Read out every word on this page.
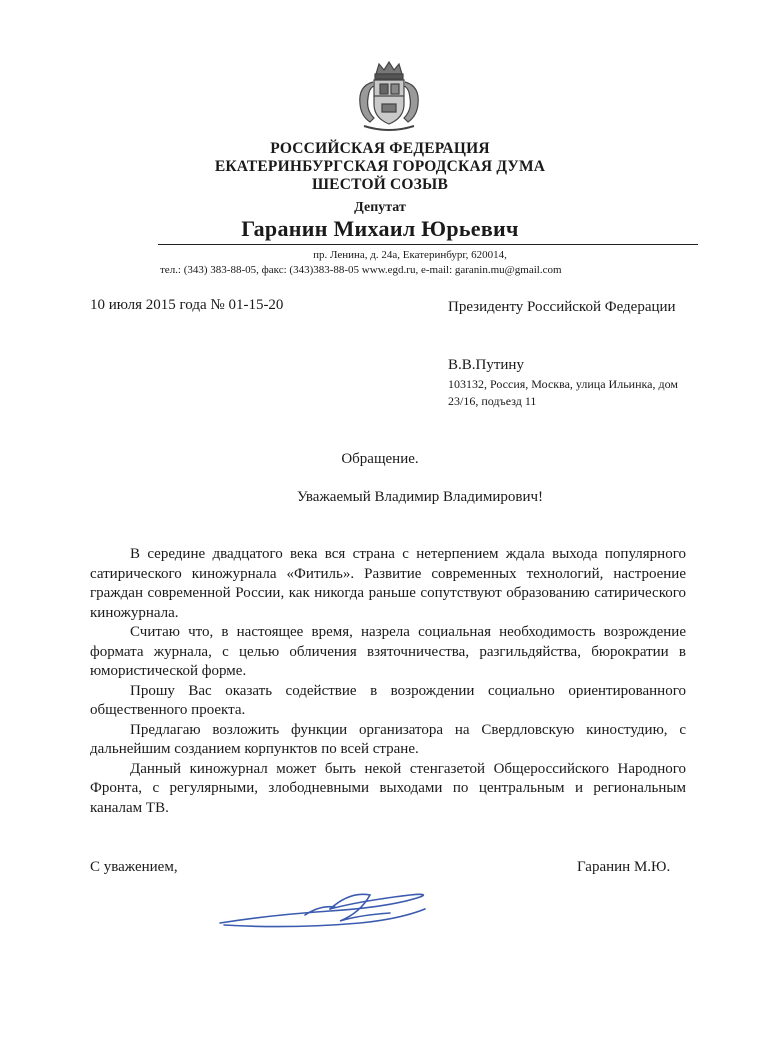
РОССИЙСКАЯ ФЕДЕРАЦИЯ
ЕКАТЕРИНБУРГСКАЯ ГОРОДСКАЯ ДУМА
ШЕСТОЙ СОЗЫВ
Депутат
Гаранин Михаил Юрьевич
пр. Ленина, д. 24а, Екатеринбург, 620014,
тел.: (343) 383-88-05, факс: (343)383-88-05 www.egd.ru, e-mail: garanin.mu@gmail.com
10 июля 2015 года № 01-15-20	Президенту Российской Федерации
В.В.Путину
103132, Россия, Москва, улица Ильинка, дом 23/16, подъезд 11
Обращение.
Уважаемый Владимир Владимирович!

В середине двадцатого века вся страна с нетерпением ждала выхода популярного сатирического киножурнала «Фитиль». Развитие современных технологий, настроение граждан современной России, как никогда раньше сопутствуют образованию сатирического киножурнала.

Считаю что, в настоящее время, назрела социальная необходимость возрождение формата журнала, с целью обличения взяточничества, разгильдяйства, бюрократии в юмористической форме.

Прошу Вас оказать содействие в возрождении социально ориентированного общественного проекта.

Предлагаю возложить функции организатора на Свердловскую киностудию, с дальнейшим созданием корпунктов по всей стране.

Данный киножурнал может быть некой стенгазетой Общероссийского Народного Фронта, с регулярными, злободневными выходами по центральным и региональным каналам ТВ.

С уважением,	Гаранин М.Ю.
